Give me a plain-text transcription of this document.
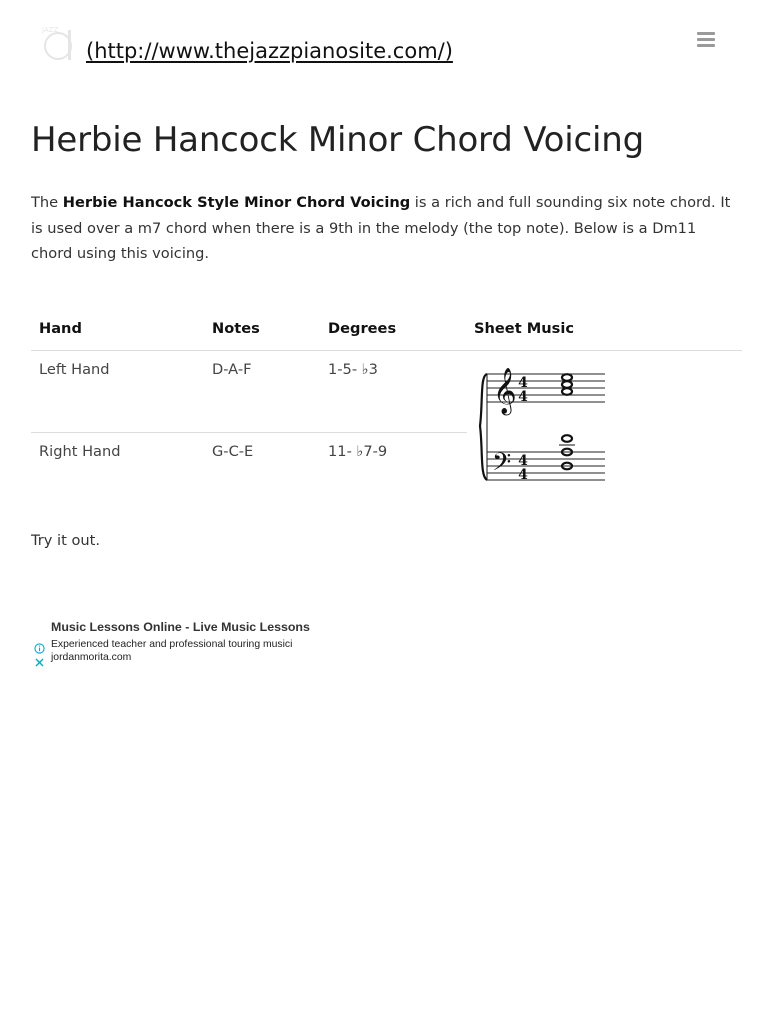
JAZZ
(http://www.thejazzpianosite.com/)
Herbie Hancock Minor Chord Voicing

The Herbie Hancock Style Minor Chord Voicing is a rich and full sounding six note chord. It is used over a m7 chord when there is a 9th in the melody (the top note). Below is a Dm11 chord using this voicing.

Hand	Notes	Degrees	Sheet Music
Left Hand	D-A-F	1-5- ♭3
Right Hand	G-C-E	11- ♭7-9
𝄞
𝄢
4
4
4
4

Try it out.

Music Lessons Online - Live Music Lessons
Experienced teacher and professional touring musici
jordanmorita.com
